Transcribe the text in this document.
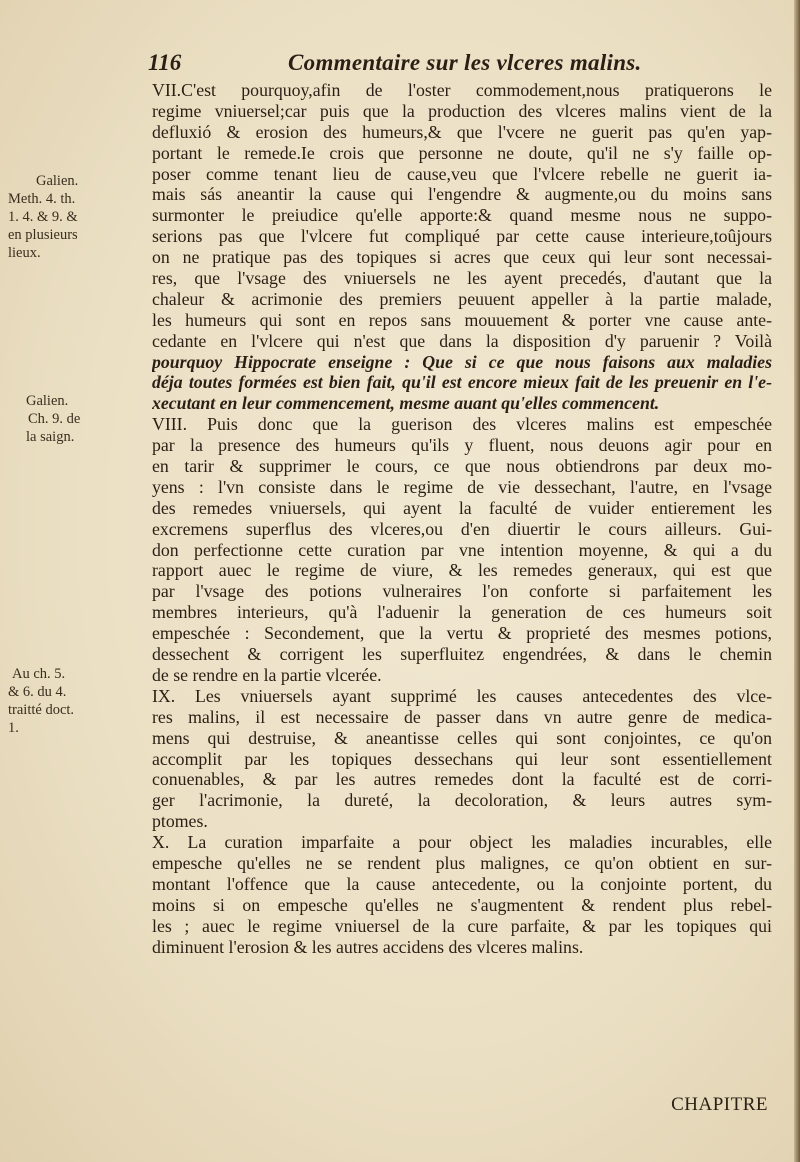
116	Commentaire sur les vlceres malins.
Galien.
Meth. 4. th.
1. 4. & 9. &
en plusieurs
lieux.
Galien.
Ch. 9. de
la saign.
Au ch. 5.
& 6. du 4.
traitté doct.
1.
VII.C'est pourquoy,afin de l'oster commodement,nous pratiquerons le
regime vniuersel;car puis que la production des vlceres malins vient de la
defluxió & erosion des humeurs,& que l'vcere ne guerit pas qu'en yap-
portant le remede.Ie crois que personne ne doute, qu'il ne s'y faille op-
poser comme tenant lieu de cause,veu que l'vlcere rebelle ne guerit ia-
mais sás aneantir la cause qui l'engendre & augmente,ou du moins sans
surmonter le preiudice qu'elle apporte:& quand mesme nous ne suppo-
serions pas que l'vlcere fut compliqué par cette cause interieure,toûjours
on ne pratique pas des topiques si acres que ceux qui leur sont necessai-
res, que l'vsage des vniuersels ne les ayent precedés, d'autant que la
chaleur & acrimonie des premiers peuuent appeller à la partie malade,
les humeurs qui sont en repos sans mouuement & porter vne cause ante-
cedante en l'vlcere qui n'est que dans la disposition d'y paruenir ? Voilà
pourquoy Hippocrate enseigne : Que si ce que nous faisons aux maladies
déja toutes formées est bien fait, qu'il est encore mieux fait de les preuenir en l'e-
xecutant en leur commencement, mesme auant qu'elles commencent.
VIII. Puis donc que la guerison des vlceres malins est empeschée
par la presence des humeurs qu'ils y fluent, nous deuons agir pour en
en tarir & supprimer le cours, ce que nous obtiendrons par deux mo-
yens : l'vn consiste dans le regime de vie dessechant, l'autre, en l'vsage
des remedes vniuersels, qui ayent la faculté de vuider entierement les
excremens superflus des vlceres,ou d'en diuertir le cours ailleurs. Gui-
don perfectionne cette curation par vne intention moyenne, & qui a du
rapport auec le regime de viure, & les remedes generaux, qui est que
par l'vsage des potions vulneraires l'on conforte si parfaitement les
membres interieurs, qu'à l'aduenir la generation de ces humeurs soit
empeschée : Secondement, que la vertu & proprieté des mesmes potions,
dessechent & corrigent les superfluitez engendrées, & dans le chemin
de se rendre en la partie vlcerée.
IX. Les vniuersels ayant supprimé les causes antecedentes des vlce-
res malins, il est necessaire de passer dans vn autre genre de medica-
mens qui destruise, & aneantisse celles qui sont conjointes, ce qu'on
accomplit par les topiques dessechans qui leur sont essentiellement
conuenables, & par les autres remedes dont la faculté est de corri-
ger l'acrimonie, la dureté, la decoloration, & leurs autres sym-
ptomes.
X. La curation imparfaite a pour object les maladies incurables, elle
empesche qu'elles ne se rendent plus malignes, ce qu'on obtient en sur-
montant l'offence que la cause antecedente, ou la conjointe portent, du
moins si on empesche qu'elles ne s'augmentent & rendent plus rebel-
les ; auec le regime vniuersel de la cure parfaite, & par les topiques qui
diminuent l'erosion & les autres accidens des vlceres malins.
CHAPITRE
